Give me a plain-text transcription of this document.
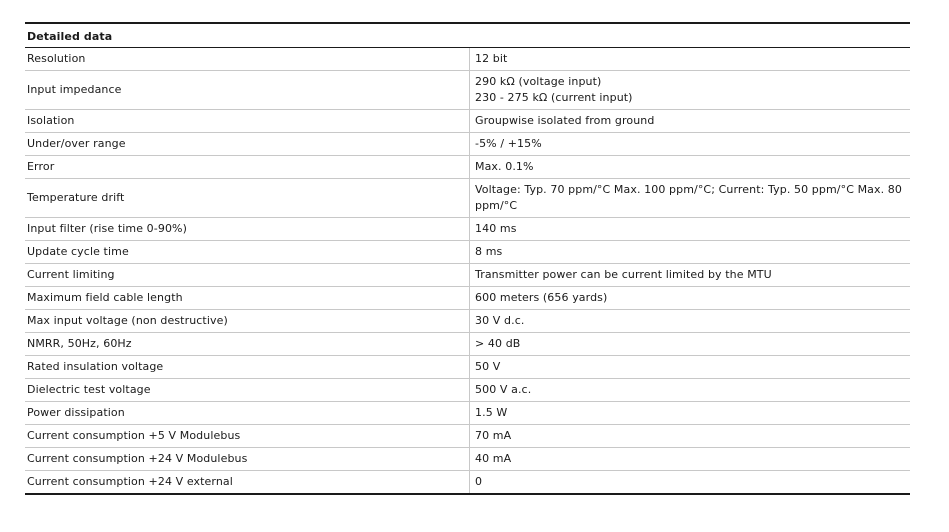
Detailed data	
Resolution	12 bit
Input impedance	290 kΩ (voltage input)
230 - 275 kΩ (current input)

Isolation	Groupwise isolated from ground
Under/over range	-5% / +15%
Error	Max. 0.1%
Temperature drift	Voltage: Typ. 70 ppm/°C Max. 100 ppm/°C; Current: Typ. 50 ppm/°C Max. 80 ppm/°C
Input filter (rise time 0-90%)	140 ms
Update cycle time	8 ms
Current limiting	Transmitter power can be current limited by the MTU
Maximum field cable length	600 meters (656 yards)
Max input voltage (non destructive)	30 V d.c.
NMRR, 50Hz, 60Hz	> 40 dB
Rated insulation voltage	50 V
Dielectric test voltage	500 V a.c.
Power dissipation	1.5 W
Current consumption +5 V Modulebus	70 mA
Current consumption +24 V Modulebus	40 mA
Current consumption +24 V external	0
